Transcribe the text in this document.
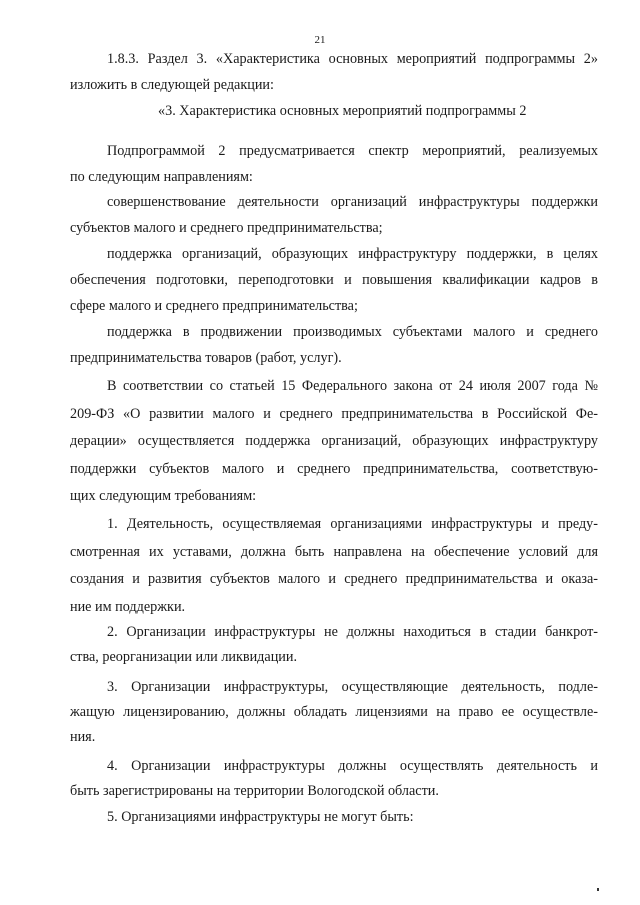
21
1.8.3. Раздел 3. «Характеристика основных мероприятий подпрограммы 2»
изложить в следующей редакции:
«3. Характеристика основных мероприятий подпрограммы 2
Подпрограммой 2 предусматривается спектр мероприятий, реализуемых
по следующим направлениям:
совершенствование деятельности организаций инфраструктуры поддержки
субъектов малого и среднего предпринимательства;
поддержка организаций, образующих инфраструктуру поддержки, в целях
обеспечения подготовки, переподготовки и повышения квалификации кадров в
сфере малого и среднего предпринимательства;
поддержка в продвижении производимых субъектами малого и среднего
предпринимательства товаров (работ, услуг).
В соответствии со статьей 15 Федерального закона от 24 июля 2007 года №
209-ФЗ «О развитии малого и среднего предпринимательства в Российской Фе-
дерации» осуществляется поддержка организаций, образующих инфраструктуру
поддержки субъектов малого и среднего предпринимательства, соответствую-
щих следующим требованиям:
1. Деятельность, осуществляемая организациями инфраструктуры и преду-
смотренная их уставами, должна быть направлена на обеспечение условий для
создания и развития субъектов малого и среднего предпринимательства и оказа-
ние им поддержки.
2. Организации инфраструктуры не должны находиться в стадии банкрот-
ства, реорганизации или ликвидации.
3. Организации инфраструктуры, осуществляющие деятельность, подле-
жащую лицензированию, должны обладать лицензиями на право ее осуществле-
ния.
4. Организации инфраструктуры должны осуществлять деятельность и
быть зарегистрированы на территории Вологодской области.
5. Организациями инфраструктуры не могут быть:
